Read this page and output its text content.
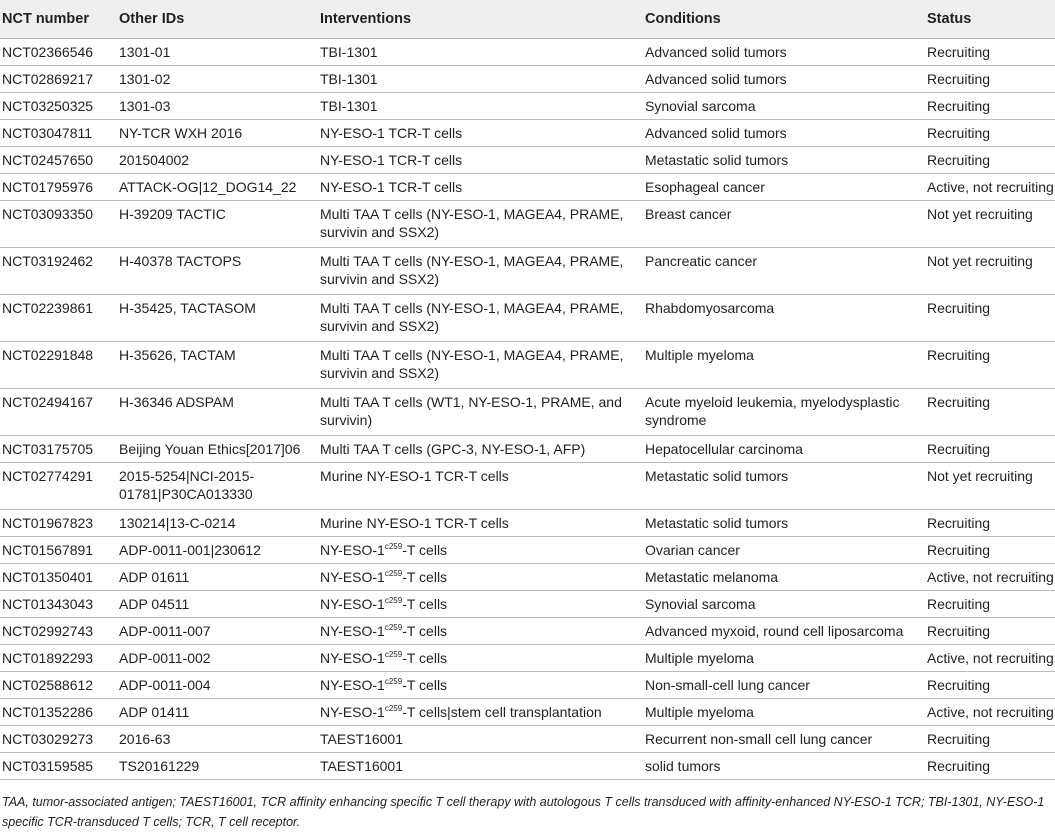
NCT number	Other IDs	Interventions	Conditions	Status
NCT02366546	1301-01	TBI-1301	Advanced solid tumors	Recruiting
NCT02869217	1301-02	TBI-1301	Advanced solid tumors	Recruiting
NCT03250325	1301-03	TBI-1301	Synovial sarcoma	Recruiting
NCT03047811	NY-TCR WXH 2016	NY-ESO-1 TCR-T cells	Advanced solid tumors	Recruiting
NCT02457650	201504002	NY-ESO-1 TCR-T cells	Metastatic solid tumors	Recruiting
NCT01795976	ATTACK-OG|12_DOG14_22	NY-ESO-1 TCR-T cells	Esophageal cancer	Active, not recruiting
NCT03093350	H-39209 TACTIC	Multi TAA T cells (NY-ESO-1, MAGEA4, PRAME, survivin and SSX2)	Breast cancer	Not yet recruiting
NCT03192462	H-40378 TACTOPS	Multi TAA T cells (NY-ESO-1, MAGEA4, PRAME, survivin and SSX2)	Pancreatic cancer	Not yet recruiting
NCT02239861	H-35425, TACTASOM	Multi TAA T cells (NY-ESO-1, MAGEA4, PRAME, survivin and SSX2)	Rhabdomyosarcoma	Recruiting
NCT02291848	H-35626, TACTAM	Multi TAA T cells (NY-ESO-1, MAGEA4, PRAME, survivin and SSX2)	Multiple myeloma	Recruiting
NCT02494167	H-36346 ADSPAM	Multi TAA T cells (WT1, NY-ESO-1, PRAME, and survivin)	Acute myeloid leukemia, myelodysplastic syndrome	Recruiting
NCT03175705	Beijing Youan Ethics[2017]06	Multi TAA T cells (GPC-3, NY-ESO-1, AFP)	Hepatocellular carcinoma	Recruiting
NCT02774291	2015-5254|NCI-2015-01781|P30CA013330	Murine NY-ESO-1 TCR-T cells	Metastatic solid tumors	Not yet recruiting
NCT01967823	130214|13-C-0214	Murine NY-ESO-1 TCR-T cells	Metastatic solid tumors	Recruiting
NCT01567891	ADP-0011-001|230612	$NY-ESO-1^{c259}-T$ cells	Ovarian cancer	Recruiting
NCT01350401	ADP 01611	$NY-ESO-1^{c259}-T$ cells	Metastatic melanoma	Active, not recruiting
NCT01343043	ADP 04511	$NY-ESO-1^{c259}-T$ cells	Synovial sarcoma	Recruiting
NCT02992743	ADP-0011-007	$NY-ESO-1^{c259}-T$ cells	Advanced myxoid, round cell liposarcoma	Recruiting
NCT01892293	ADP-0011-002	$NY-ESO-1^{c259}-T$ cells	Multiple myeloma	Active, not recruiting
NCT02588612	ADP-0011-004	$NY-ESO-1^{c259}-T$ cells	Non-small-cell lung cancer	Recruiting
NCT01352286	ADP 01411	$NY-ESO-1^{c259}-T$ cells|stem cell transplantation	Multiple myeloma	Active, not recruiting
NCT03029273	2016-63	TAEST16001	Recurrent non-small cell lung cancer	Recruiting
NCT03159585	TS20161229	TAEST16001	solid tumors	Recruiting
TAA, tumor-associated antigen; TAEST16001, TCR affinity enhancing specific T cell therapy with autologous T cells transduced with affinity-enhanced NY-ESO-1 TCR; TBI-1301, NY-ESO-1 specific TCR-transduced T cells; TCR, T cell receptor.
